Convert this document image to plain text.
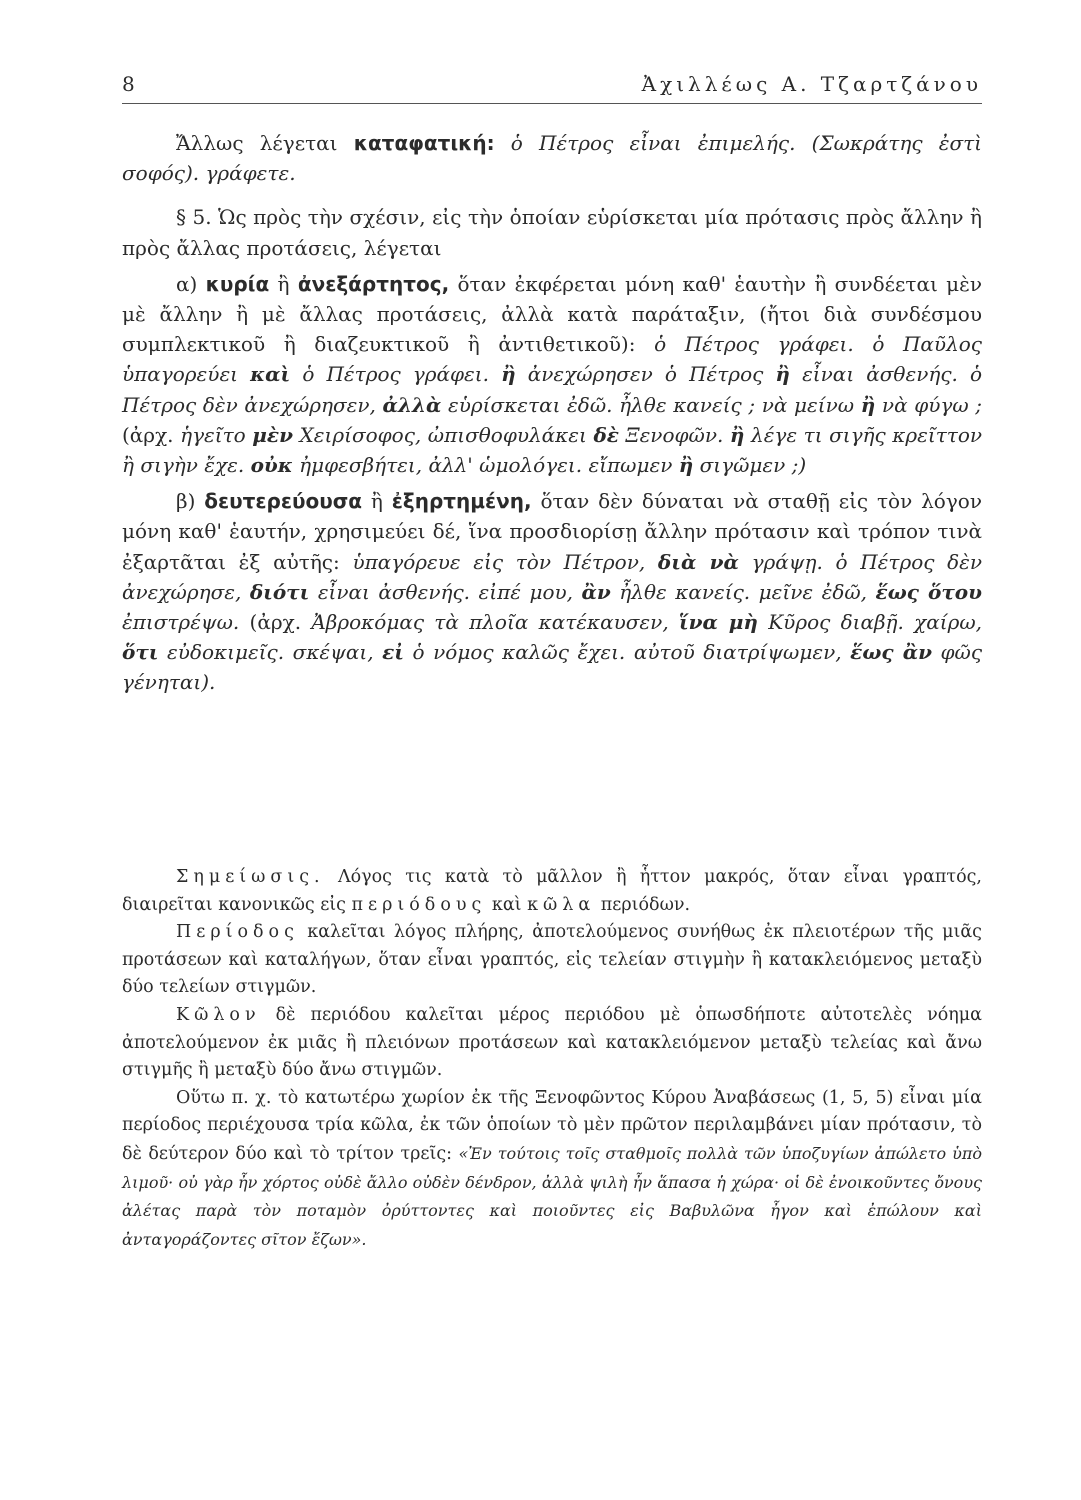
8	Ἀχιλλέως Α. Τζαρτζάνου

Ἄλλως λέγεται καταφατική: ὁ Πέτρος εἶναι ἐπιμελής. (Σωκράτης ἐστὶ σοφός). γράφετε.

§ 5. Ὡς πρὸς τὴν σχέσιν, εἰς τὴν ὁποίαν εὑρίσκεται μία πρότασις πρὸς ἄλλην ἢ πρὸς ἄλλας προτάσεις, λέγεται

α) κυρία ἢ ἀνεξάρτητος, ὅταν ἐκφέρεται μόνη καθ' ἑαυτὴν ἢ συνδέεται μὲν μὲ ἄλλην ἢ μὲ ἄλλας προτάσεις, ἀλλὰ κατὰ παράταξιν, (ἤτοι διὰ συνδέσμου συμπλεκτικοῦ ἢ διαζευκτικοῦ ἢ ἀντιθετικοῦ): ὁ Πέτρος γράφει. ὁ Παῦλος ὑπαγορεύει καὶ ὁ Πέτρος γράφει. ἢ ἀνεχώρησεν ὁ Πέτρος ἢ εἶναι ἀσθενής. ὁ Πέτρος δὲν ἀνεχώρησεν, ἀλλὰ εὑρίσκεται ἐδῶ. ἦλθε κανείς ; νὰ μείνω ἢ νὰ φύγω ; (ἀρχ. ἡγεῖτο μὲν Χειρίσοφος, ὠπισθοφυλάκει δὲ Ξενοφῶν. ἢ λέγε τι σιγῆς κρεῖττον ἢ σιγὴν ἔχε. οὐκ ἠμφεσβήτει, ἀλλ' ὡμολόγει. εἴπωμεν ἢ σιγῶμεν ;)

β) δευτερεύουσα ἢ ἐξηρτημένη, ὅταν δὲν δύναται νὰ σταθῇ εἰς τὸν λόγον μόνη καθ' ἑαυτήν, χρησιμεύει δέ, ἵνα προσδιορίσῃ ἄλλην πρότασιν καὶ τρόπον τινὰ ἐξαρτᾶται ἐξ αὐτῆς: ὑπαγόρευε εἰς τὸν Πέτρον, διὰ νὰ γράψῃ. ὁ Πέτρος δὲν ἀνεχώρησε, διότι εἶναι ἀσθενής. εἰπέ μου, ἂν ἦλθε κανείς. μεῖνε ἐδῶ, ἕως ὅτου ἐπιστρέψω. (ἀρχ. Ἀβροκόμας τὰ πλοῖα κατέκαυσεν, ἵνα μὴ Κῦρος διαβῇ. χαίρω, ὅτι εὐδοκιμεῖς. σκέψαι, εἰ ὁ νόμος καλῶς ἔχει. αὐτοῦ διατρίψωμεν, ἕως ἂν φῶς γένηται).

Σημείωσις. Λόγος τις κατὰ τὸ μᾶλλον ἢ ἧττον μακρός, ὅταν εἶναι γραπτός, διαιρεῖται κανονικῶς εἰς περιόδους καὶ κῶλα περιόδων.

Περίοδος καλεῖται λόγος πλήρης, ἀποτελούμενος συνήθως ἐκ πλειοτέρων τῆς μιᾶς προτάσεων καὶ καταλήγων, ὅταν εἶναι γραπτός, εἰς τελείαν στιγμὴν ἢ κατακλειόμενος μεταξὺ δύο τελείων στιγμῶν.

Κῶλον δὲ περιόδου καλεῖται μέρος περιόδου μὲ ὁπωσδήποτε αὐτοτελὲς νόημα ἀποτελούμενον ἐκ μιᾶς ἢ πλειόνων προτάσεων καὶ κατακλειόμενον μεταξὺ τελείας καὶ ἄνω στιγμῆς ἢ μεταξὺ δύο ἄνω στιγμῶν.

Οὕτω π. χ. τὸ κατωτέρω χωρίον ἐκ τῆς Ξενοφῶντος Κύρου Ἀναβάσεως (1, 5, 5) εἶναι μία περίοδος περιέχουσα τρία κῶλα, ἐκ τῶν ὁποίων τὸ μὲν πρῶτον περιλαμβάνει μίαν πρότασιν, τὸ δὲ δεύτερον δύο καὶ τὸ τρίτον τρεῖς: «Ἐν τούτοις τοῖς σταθμοῖς πολλὰ τῶν ὑποζυγίων ἀπώλετο ὑπὸ λιμοῦ· οὐ γὰρ ἦν χόρτος οὐδὲ ἄλλο οὐδὲν δένδρον, ἀλλὰ ψιλὴ ἦν ἅπασα ἡ χώρα· οἱ δὲ ἐνοικοῦντες ὄνους ἀλέτας παρὰ τὸν ποταμὸν ὀρύττοντες καὶ ποιοῦντες εἰς Βαβυλῶνα ἦγον καὶ ἐπώλουν καὶ ἀνταγοράζοντες σῖτον ἔζων».
